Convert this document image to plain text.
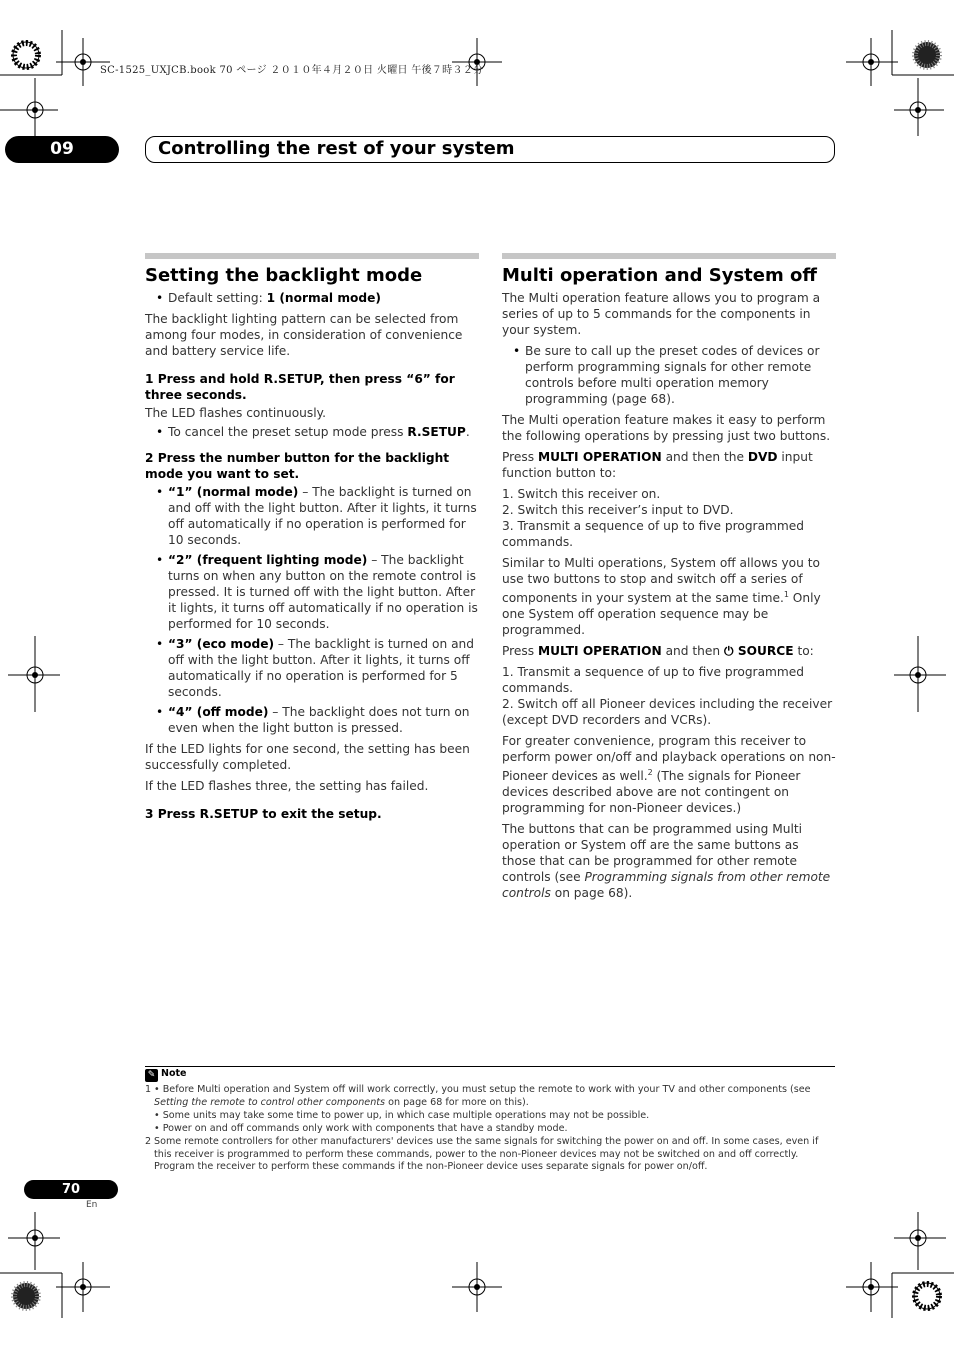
SC-1525_UXJCB.book 70 ページ ２０１０年４月２０日 火曜日 午後７時３２分
09	Controlling the rest of your system
Setting the backlight mode
• Default setting: 1 (normal mode)

The backlight lighting pattern can be selected from among four modes, in consideration of convenience and battery service life.

1 Press and hold R.SETUP, then press “6” for three seconds.

The LED flashes continuously.

• To cancel the preset setup mode press R.SETUP.

2 Press the number button for the backlight mode you want to set.

• “1” (normal mode) – The backlight is turned on and off with the light button. After it lights, it turns off automatically if no operation is performed for 10 seconds.
• “2” (frequent lighting mode) – The backlight turns on when any button on the remote control is pressed. It is turned off with the light button. After it lights, it turns off automatically if no operation is performed for 10 seconds.
• “3” (eco mode) – The backlight is turned on and off with the light button. After it lights, it turns off automatically if no operation is performed for 5 seconds.
• “4” (off mode) – The backlight does not turn on even when the light button is pressed.

If the LED lights for one second, the setting has been successfully completed.

If the LED flashes three, the setting has failed.

3 Press R.SETUP to exit the setup.

Multi operation and System off

The Multi operation feature allows you to program a series of up to 5 commands for the components in your system.

• Be sure to call up the preset codes of devices or perform programming signals for other remote controls before multi operation memory programming (page 68).

The Multi operation feature makes it easy to perform the following operations by pressing just two buttons.

Press MULTI OPERATION and then the DVD input function button to:

1. Switch this receiver on.
2. Switch this receiver’s input to DVD.
3. Transmit a sequence of up to five programmed commands.

Similar to Multi operations, System off allows you to use two buttons to stop and switch off a series of components in your system at the same time.$^1$ Only one System off operation sequence may be programmed.

Press MULTI OPERATION and then ⏻ SOURCE to:

1. Transmit a sequence of up to five programmed commands.
2. Switch off all Pioneer devices including the receiver (except DVD recorders and VCRs).

For greater convenience, program this receiver to perform power on/off and playback operations on non-Pioneer devices as well.$^2$ (The signals for Pioneer devices described above are not contingent on programming for non-Pioneer devices.)

The buttons that can be programmed using Multi operation or System off are the same buttons as those that can be programmed for other remote controls (see Programming signals from other remote controls on page 68).

✎ Note
1 • Before Multi operation and System off will work correctly, you must setup the remote to work with your TV and other components (see Setting the remote to control other components on page 68 for more on this).
• Some units may take some time to power up, in which case multiple operations may not be possible.
• Power on and off commands only work with components that have a standby mode.
2 Some remote controllers for other manufacturers' devices use the same signals for switching the power on and off. In some cases, even if this receiver is programmed to perform these commands, power to the non-Pioneer devices may not be switched on and off correctly. Program the receiver to perform these commands if the non-Pioneer device uses separate signals for power on/off.
70
En
